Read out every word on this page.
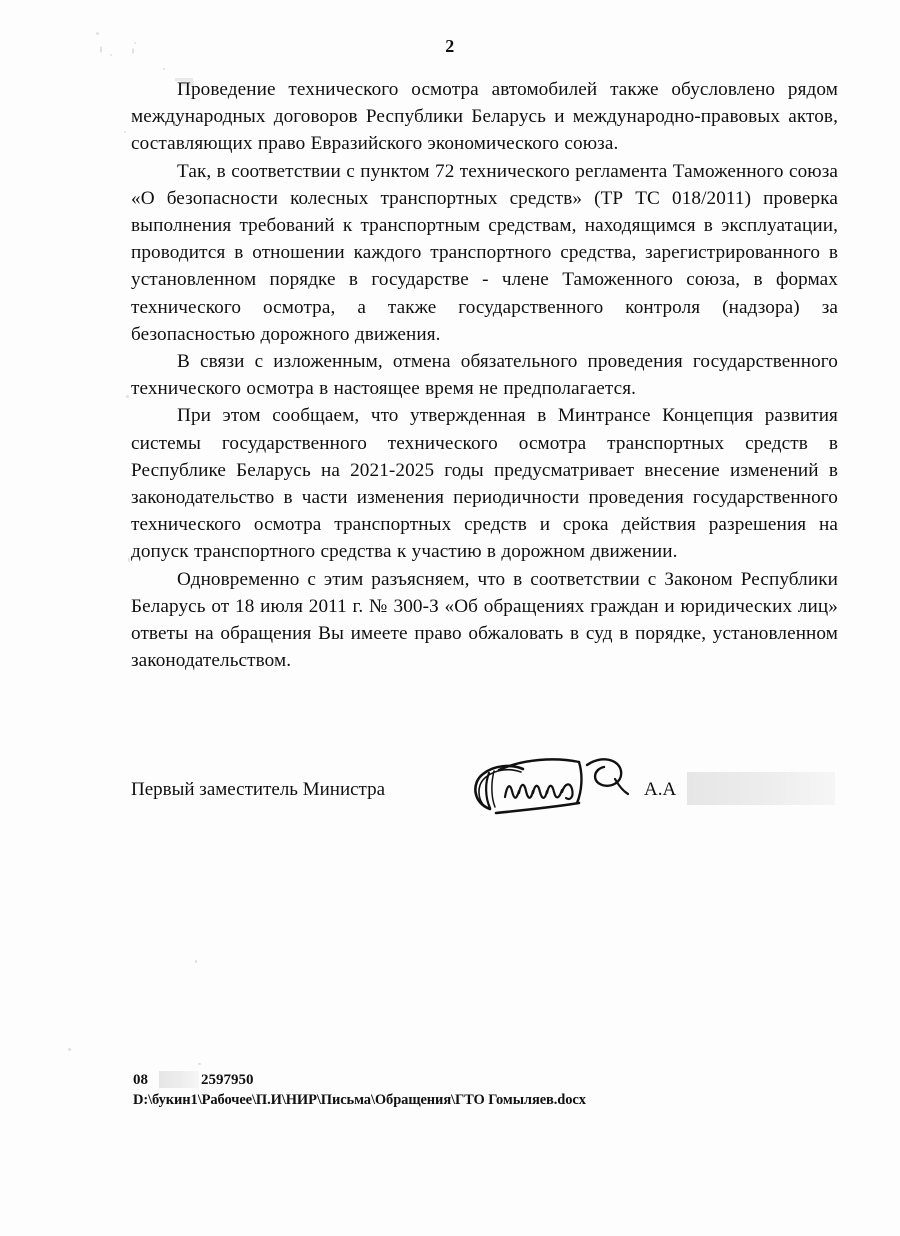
2

Проведение технического осмотра автомобилей также обусловлено рядом международных договоров Республики Беларусь и международно-правовых актов, составляющих право Евразийского экономического союза.

Так, в соответствии с пунктом 72 технического регламента Таможенного союза «О безопасности колесных транспортных средств» (ТР ТС 018/2011) проверка выполнения требований к транспортным средствам, находящимся в эксплуатации, проводится в отношении каждого транспортного средства, зарегистрированного в установленном порядке в государстве - члене Таможенного союза, в формах технического осмотра, а также государственного контроля (надзора) за безопасностью дорожного движения.

В связи с изложенным, отмена обязательного проведения государственного технического осмотра в настоящее время не предполагается.

При этом сообщаем, что утвержденная в Минтрансе Концепция развития системы государственного технического осмотра транспортных средств в Республике Беларусь на 2021-2025 годы предусматривает внесение изменений в законодательство в части изменения периодичности проведения государственного технического осмотра транспортных средств и срока действия разрешения на допуск транспортного средства к участию в дорожном движении.

Одновременно с этим разъясняем, что в соответствии с Законом Республики Беларусь от 18 июля 2011 г. № 300-З «Об обращениях граждан и юридических лиц» ответы на обращения Вы имеете право обжаловать в суд в порядке, установленном законодательством.

Первый заместитель Министра	А.А
08	2597950
D:\букин1\Рабочее\П.И\НИР\Письма\Обращения\ГТО Гомыляев.docx
